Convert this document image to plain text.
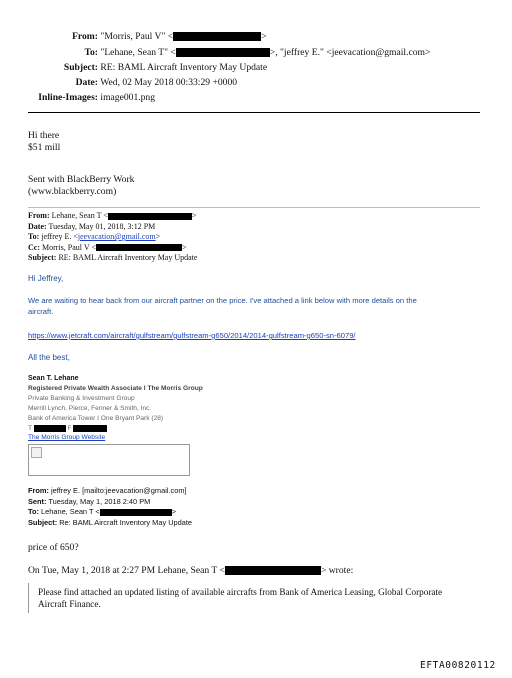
From: "Morris, Paul V" <	>
To: "Lehane, Sean T" <	>, "jeffrey E." <jeevacation@gmail.com>
Subject: RE: BAML Aircraft Inventory May Update
Date: Wed, 02 May 2018 00:33:29 +0000
Inline-Images: image001.png
Hi there
$51 mill
Sent with BlackBerry Work
(www.blackberry.com)
From: Lehane, Sean T <	>
Date: Tuesday, May 01, 2018, 3:12 PM
To: jeffrey E. <jeevacation@gmail.com>
Cc: Morris, Paul V <	>
Subject: RE: BAML Aircraft Inventory May Update
Hi Jeffrey,
We are waiting to hear back from our aircraft partner on the price. I've attached a link below with more details on the
aircraft.
https://www.jetcraft.com/aircraft/gulfstream/gulfstream-g650/2014/2014-gulfstream-g650-sn-6079/
All the best,
Sean T. Lehane
Registered Private Wealth Associate I The Morris Group
Private Banking & Investment Group
Merrill Lynch, Pierce, Fenner & Smith, Inc.
Bank of America Tower I One Bryant Park (28)
T	F
The Morris Group Website
From: jeffrey E. [mailto:jeevacation@gmail.com]
Sent: Tuesday, May 1, 2018 2:40 PM
To: Lehane, Sean T <	>
Subject: Re: BAML Aircraft Inventory May Update
price of 650?
On Tue, May 1, 2018 at 2:27 PM Lehane, Sean T <	> wrote:
Please find attached an updated listing of available aircrafts from Bank of America Leasing, Global Corporate
Aircraft Finance.
EFTA00820112
